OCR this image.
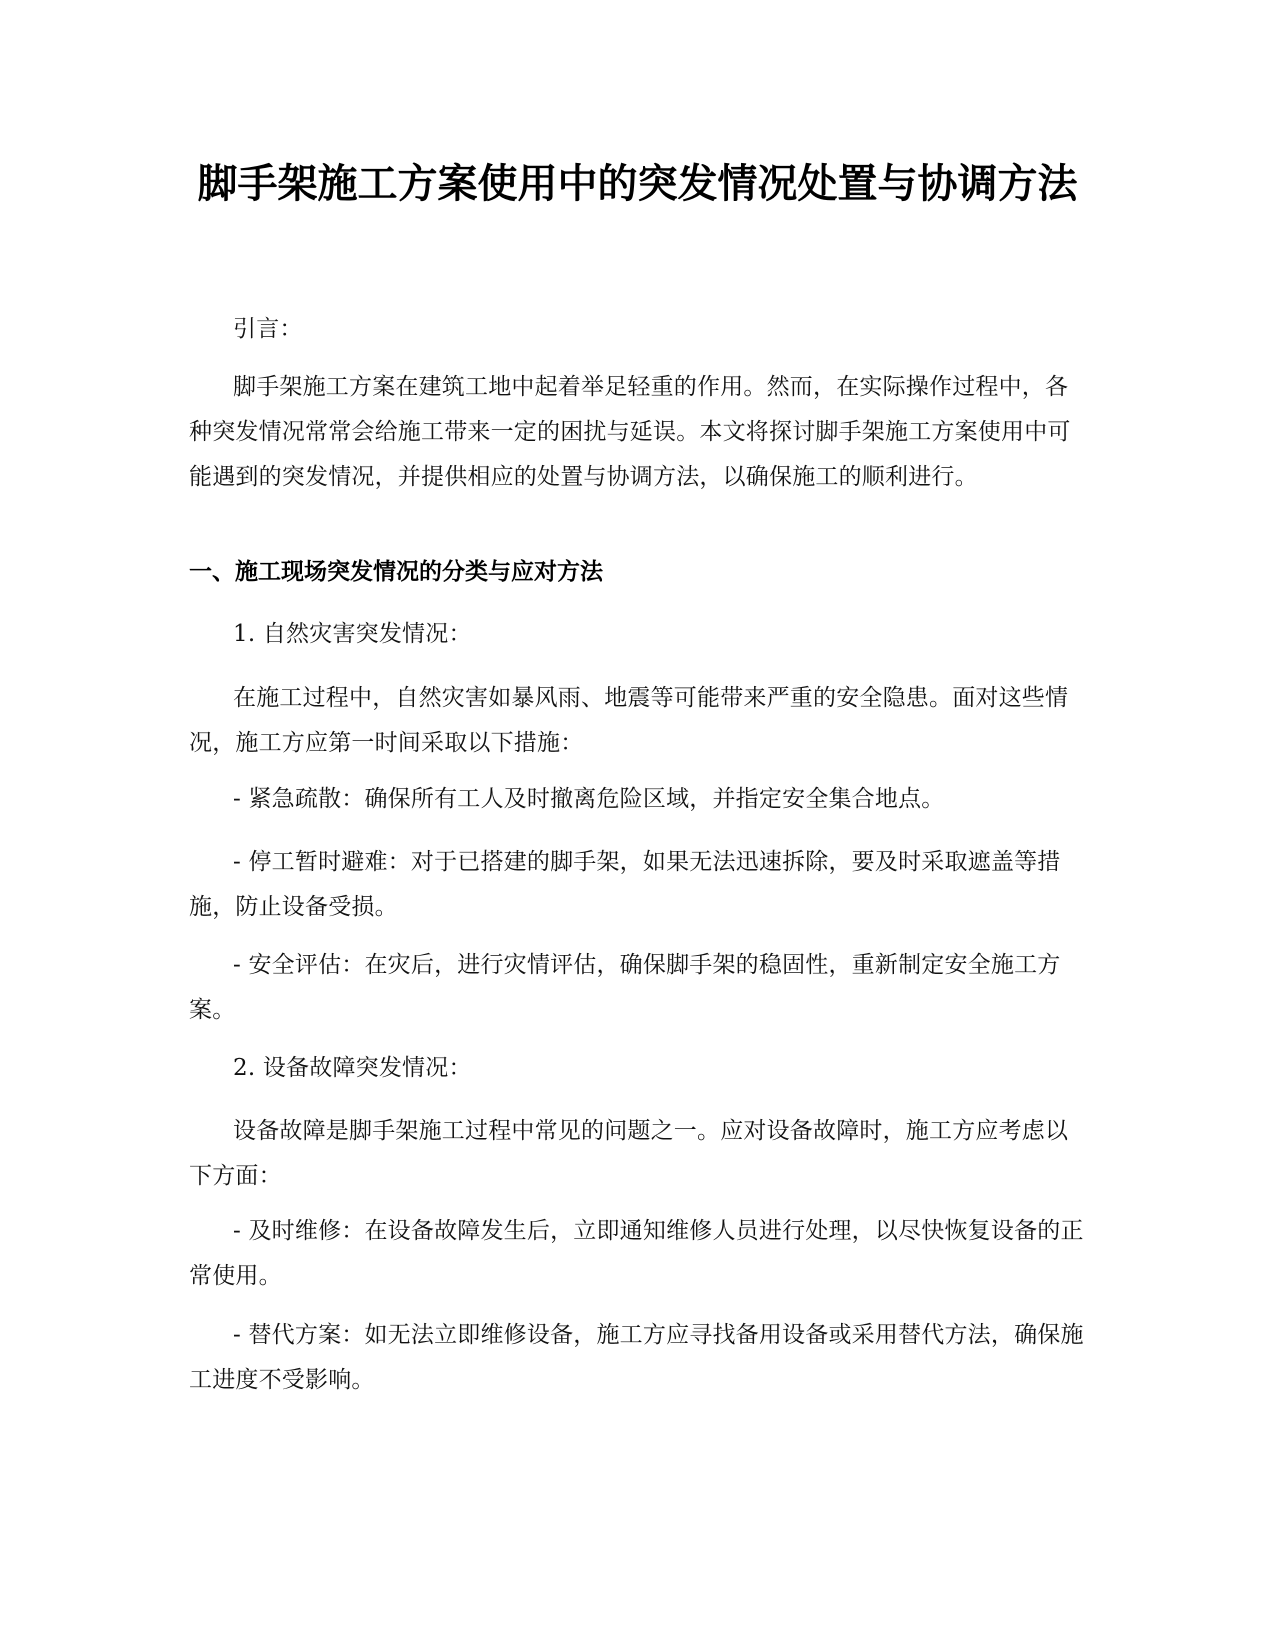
脚手架施工方案使用中的突发情况处置与协调方法

引言：

脚手架施工方案在建筑工地中起着举足轻重的作用。然而，在实际操作过程中，各种突发情况常常会给施工带来一定的困扰与延误。本文将探讨脚手架施工方案使用中可能遇到的突发情况，并提供相应的处置与协调方法，以确保施工的顺利进行。

一、施工现场突发情况的分类与应对方法

1. 自然灾害突发情况：

在施工过程中，自然灾害如暴风雨、地震等可能带来严重的安全隐患。面对这些情况，施工方应第一时间采取以下措施：

- 紧急疏散：确保所有工人及时撤离危险区域，并指定安全集合地点。

- 停工暂时避难：对于已搭建的脚手架，如果无法迅速拆除，要及时采取遮盖等措施，防止设备受损。

- 安全评估：在灾后，进行灾情评估，确保脚手架的稳固性，重新制定安全施工方案。

2. 设备故障突发情况：

设备故障是脚手架施工过程中常见的问题之一。应对设备故障时，施工方应考虑以下方面：

- 及时维修：在设备故障发生后，立即通知维修人员进行处理，以尽快恢复设备的正常使用。

- 替代方案：如无法立即维修设备，施工方应寻找备用设备或采用替代方法，确保施工进度不受影响。
